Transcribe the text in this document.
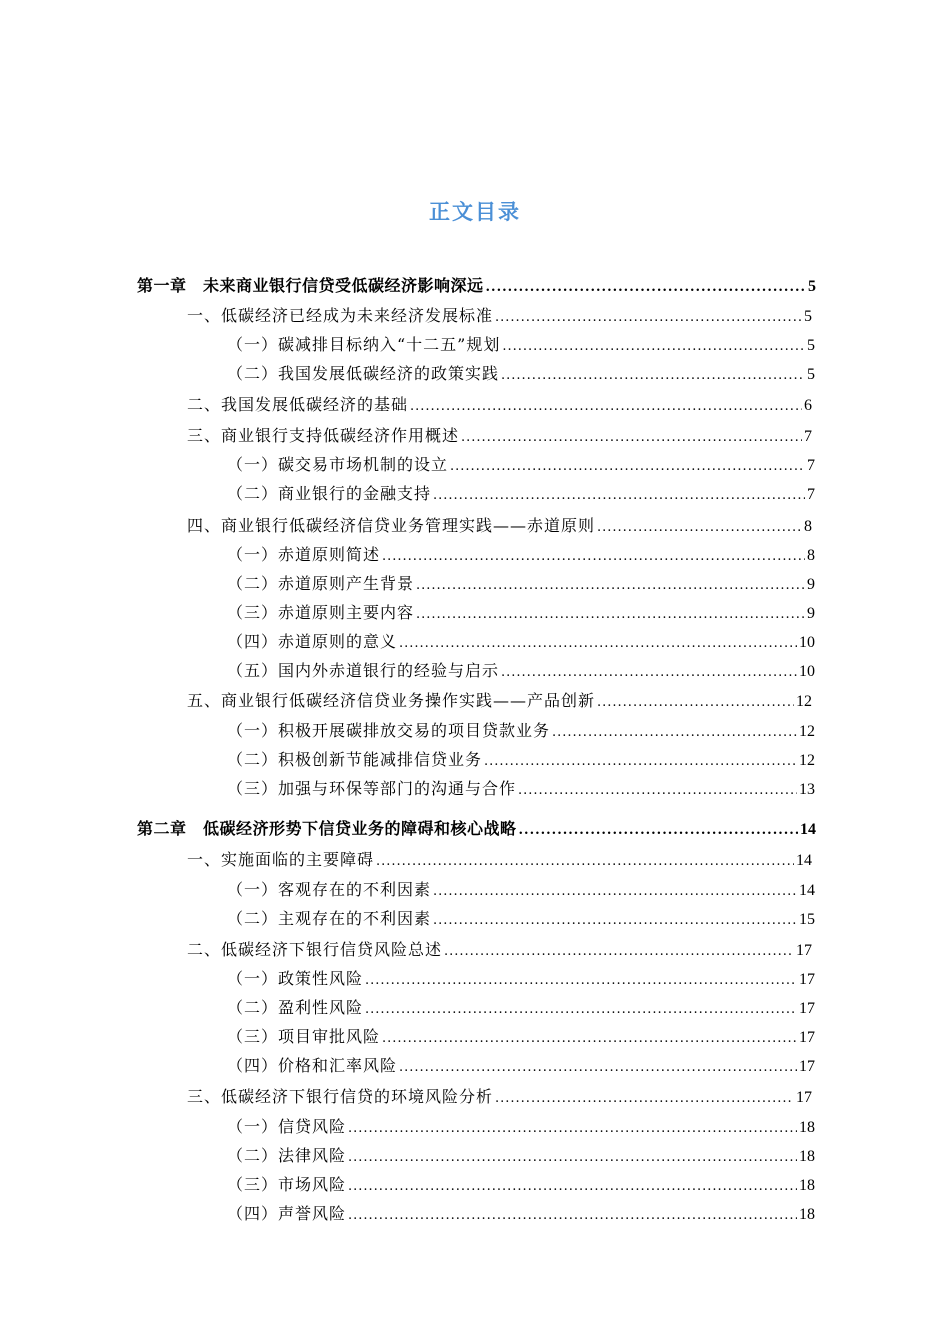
正文目录
第一章　未来商业银行信贷受低碳经济影响深远 .....	5
一、低碳经济已经成为未来经济发展标准 .....	5
（一）碳减排目标纳入“十二五”规划 .....	5
（二）我国发展低碳经济的政策实践 .....	5
二、我国发展低碳经济的基础 .....	6
三、商业银行支持低碳经济作用概述 .....	7
（一）碳交易市场机制的设立 .....	7
（二）商业银行的金融支持 .....	7
四、商业银行低碳经济信贷业务管理实践——赤道原则 .....	8
（一）赤道原则简述 .....	8
（二）赤道原则产生背景 .....	9
（三）赤道原则主要内容 .....	9
（四）赤道原则的意义 .....	10
（五）国内外赤道银行的经验与启示 .....	10
五、商业银行低碳经济信贷业务操作实践——产品创新 .....	12
（一）积极开展碳排放交易的项目贷款业务 .....	12
（二）积极创新节能减排信贷业务 .....	12
（三）加强与环保等部门的沟通与合作 .....	13
第二章　低碳经济形势下信贷业务的障碍和核心战略 .....	14
一、实施面临的主要障碍 .....	14
（一）客观存在的不利因素 .....	14
（二）主观存在的不利因素 .....	15
二、低碳经济下银行信贷风险总述 .....	17
（一）政策性风险 .....	17
（二）盈利性风险 .....	17
（三）项目审批风险 .....	17
（四）价格和汇率风险 .....	17
三、低碳经济下银行信贷的环境风险分析 .....	17
（一）信贷风险 .....	18
（二）法律风险 .....	18
（三）市场风险 .....	18
（四）声誉风险 .....	18
